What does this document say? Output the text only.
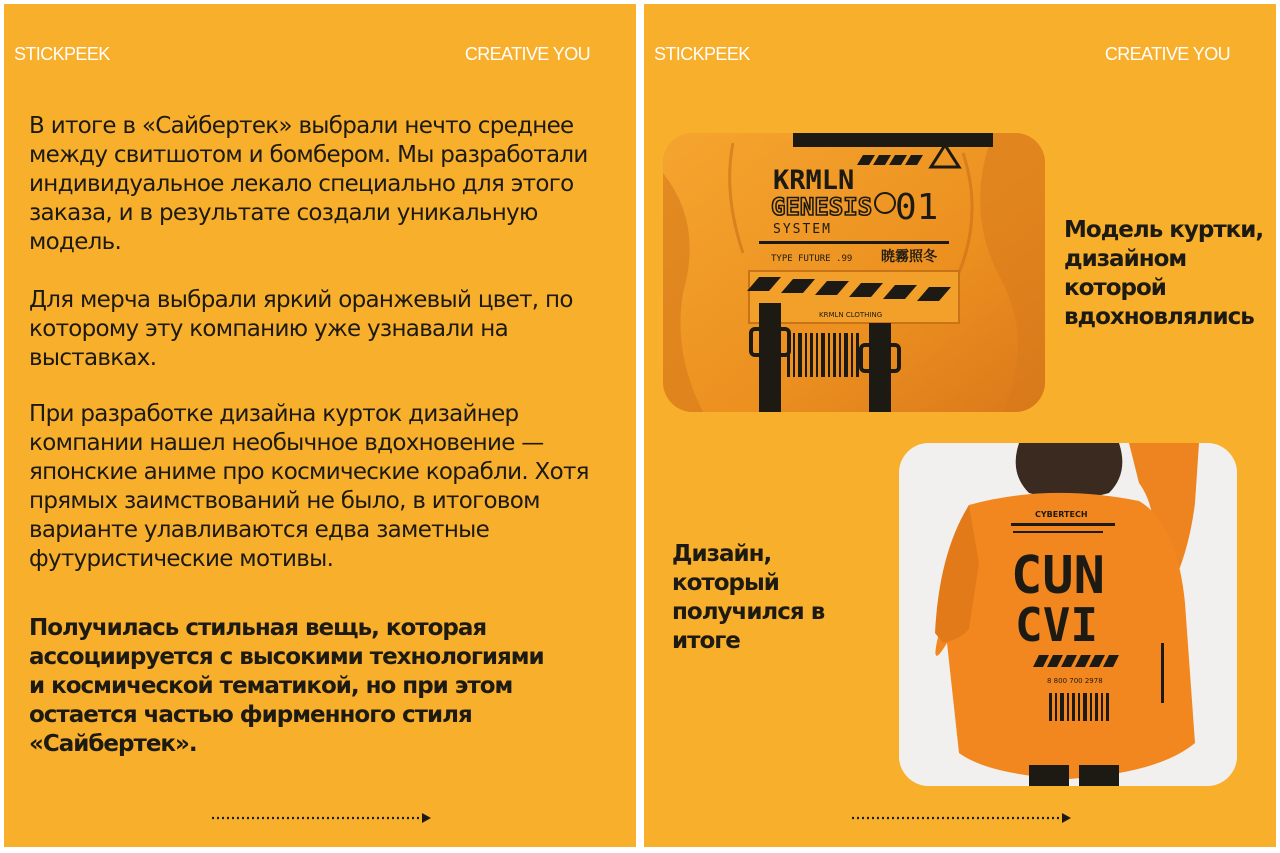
STICKPEEK	CREATIVE YOU

В итоге в «Сайбертек» выбрали нечто среднее
между свитшотом и бомбером. Мы разработали
индивидуальное лекало специально для этого
заказа, и в результате создали уникальную
модель.

Для мерча выбрали яркий оранжевый цвет, по
которому эту компанию уже узнавали на
выставках.

При разработке дизайна курток дизайнер
компании нашел необычное вдохновение —
японские аниме про космические корабли. Хотя
прямых заимствований не было, в итоговом
варианте улавливаются едва заметные
футуристические мотивы.

Получилась стильная вещь, которая
ассоциируется с высокими технологиями
и космической тематикой, но при этом
остается частью фирменного стиля
«Сайбертек».

STICKPEEK	CREATIVE YOU
KRMLN
GENESIS 01
SYSTEM
TYPE FUTURE .99 暁霧照冬
KRMLN CLOTHING
Модель куртки,
дизайном
которой
вдохновлялись
CYBERTECH
CUN
CVI
8 800 700 2978
Дизайн,
который
получился в
итоге
